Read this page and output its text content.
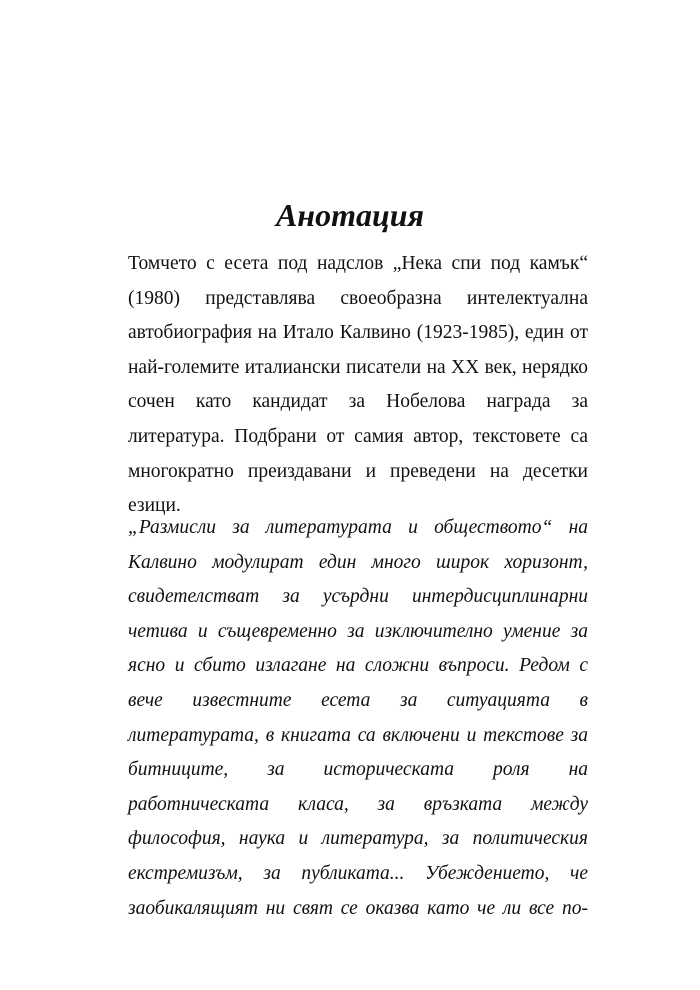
Анотация
Томчето с есета под надслов „Нека спи под камък“
(1980) представлява своеобразна интелектуална
автобиография на Итало Калвино (1923-1985), един от
най-големите италиански писатели на ХХ век, нерядко
сочен като кандидат за Нобелова награда за
литература. Подбрани от самия автор, текстовете са
многократно преиздавани и преведени на десетки
езици.
„Размисли за литературата и обществото“ на
Калвино модулират един много широк хоризонт,
свидетелстват за усърдни интердисциплинарни
четива и същевременно за изключително умение за
ясно и сбито излагане на сложни въпроси. Редом с
вече известните есета за ситуацията в
литературата, в книгата са включени и текстове за
битниците, за историческата роля на
работническата класа, за връзката между
философия, наука и литература, за политическия
екстремизъм, за публиката... Убеждението, че
заобикалящият ни свят се оказва като че ли все по-
